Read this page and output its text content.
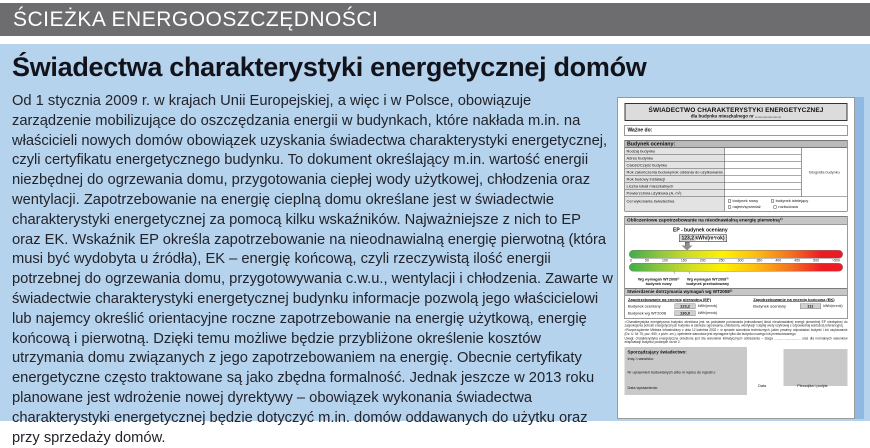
ŚCIEŻKA ENERGOOSZCZĘDNOŚCI
Świadectwa charakterystyki energetycznej domów

Od 1 stycznia 2009 r. w krajach Unii Europejskiej, a więc i w Polsce, obowiązuje zarządzenie mobilizujące do oszczędzania energii w budynkach, które nakłada m.in. na właścicieli nowych domów obowiązek uzyskania świadectwa charakterystyki energetycznej, czyli certyfikatu energetycznego budynku. To dokument określający m.in. wartość energii niezbędnej do ogrzewania domu, przygotowania ciepłej wody użytkowej, chłodzenia oraz wentylacji. Zapotrzebowanie na energię cieplną domu określane jest w świadectwie charakterystyki energetycznej za pomocą kilku wskaźników. Najważniejsze z nich to EP oraz EK. Wskaźnik EP określa zapotrzebowanie na nieodnawialną energię pierwotną (która musi być wydobyta u źródła), EK – energię końcową, czyli rzeczywistą ilość energii potrzebnej do ogrzewania domu, przygotowywania c.w.u., wentylacji i chłodzenia. Zawarte w świadectwie charakterystyki energetycznej budynku informacje pozwolą jego właścicielowi lub najemcy określić orientacyjne roczne zapotrzebowanie na energię użytkową, energię końcową i pierwotną. Dzięki temu możliwe będzie przybliżone określenie kosztów utrzymania domu związanych z jego zapotrzebowaniem na energię. Obecnie certyfikaty energetyczne często traktowane są jako zbędna formalność. Jednak jeszcze w 2013 roku planowane jest wdrożenie nowej dyrektywy – obowiązek wykonania świadectwa charakterystyki energetycznej będzie dotyczyć m.in. domów oddawanych do użytku oraz przy sprzedaży domów.

ŚWIADECTWO CHARAKTERYSTYKI ENERGETYCZNEJ
dla budynku mieszkalnego nr .....................
Ważne do:
Budynek oceniany:
Rodzaj budynku
Adres budynku
Całość/Część budynku
Rok zakończenia budowy/rok oddania do użytkowania
Rok budowy instalacji
Liczba lokali mieszkalnych
Powierzchnia użytkowa (A, m²)
fotografia budynku
Cel wykonania świadectwa	budynek nowy budynek istniejący
najem/sprzedaż rozbudowa
Obliczeniowe zapotrzebowanie na nieodnawialną energię pierwotną¹⁾
EP - budynek oceniany
123,2 kWh/(m²rok)
0 50 100 150 200 250 300 350 400 450 500 >500
↑ ↑
Wg wymagań WT2008¹⁾
budynek nowy
Wg wymagań WT2008²⁾
budynek przebudowany
Stwierdzenie dotrzymania wymagań wg WT2008³⁾
Zapotrzebowanie na energię pierwotną (EP)
Budynek oceniany	123,2	kWh/(m²rok)
Budynek wg WT2008	130,0	kWh/(m²rok)
Zapotrzebowanie na energię końcową (EK)
Budynek oceniany	111	kWh/(m²rok)
¹⁾Charakterystyka energetyczna budynku określona jest na podstawie porównania jednostkowej ilości nieodnawialnej energii pierwotnej EP niezbędnej do zaspokojenia potrzeb energetycznych budynku w zakresie ogrzewania, chłodzenia, wentylacji i ciepłej wody użytkowej z odpowiednią wartością referencyjną.
²⁾Rozporządzenie Ministra Infrastruktury z dnia 12 kwietnia 2002 r. w sprawie warunków technicznych, jakim powinny odpowiadać budynki i ich usytuowanie (Dz. U. Nr 75, poz. 690, z późn. zm.), spełnienie warunków jest wymagane tylko dla budynku nowego lub przebudowanego.
Uwagi: charakterystyka energetyczna określona jest dla warunków klimatycznych odniesienia – stacja .............................. oraz dla normalnych warunków eksploatacji budynku podanych na str 2.
Sporządzający świadectwo:
Imię i nazwisko:
Nr uprawnień budowlanych albo nr wpisu do rejestru:
Data wystawienia:	Data	Pieczątka i podpis
